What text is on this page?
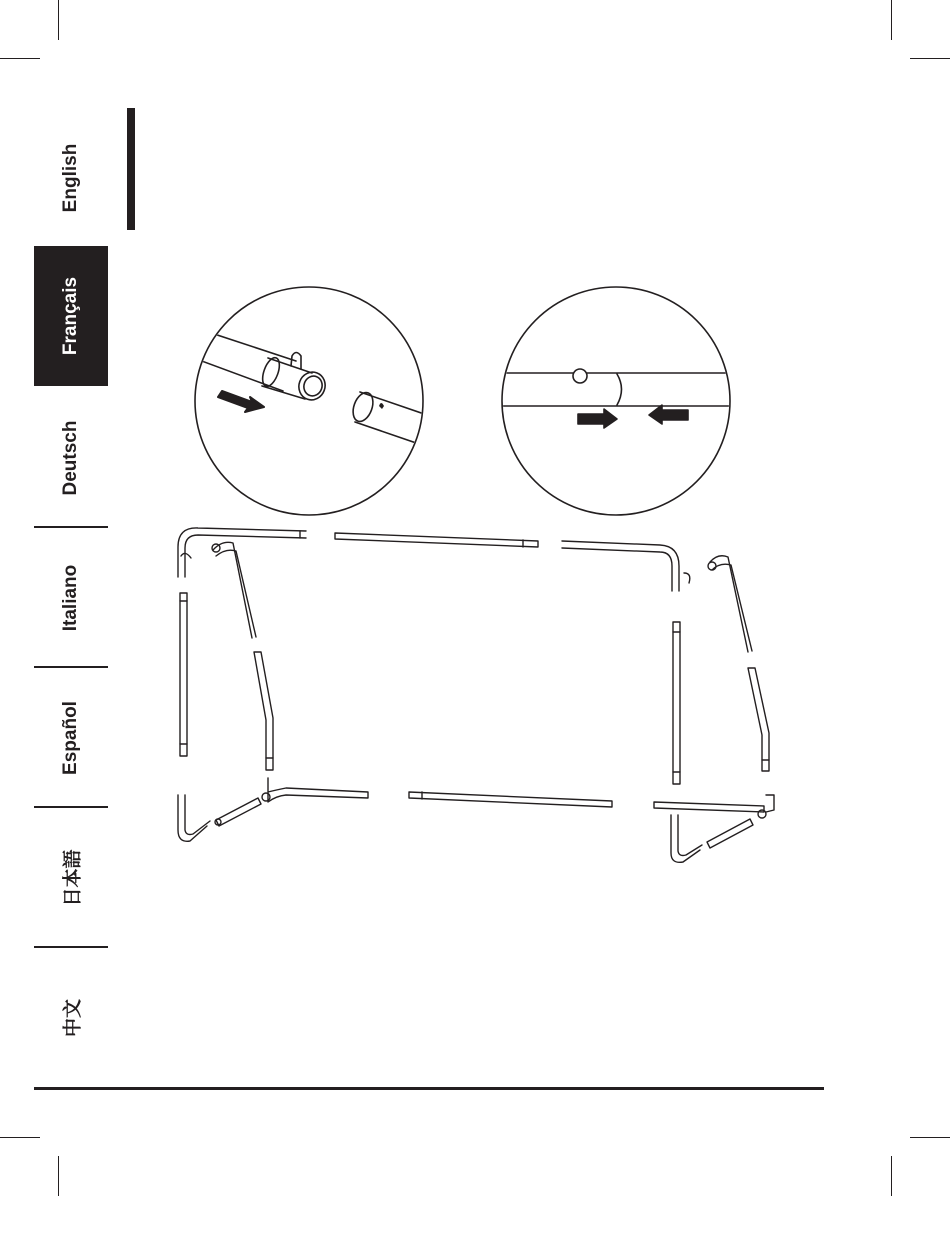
English
Français
Deutsch
Italiano
Español
日本語
中文
